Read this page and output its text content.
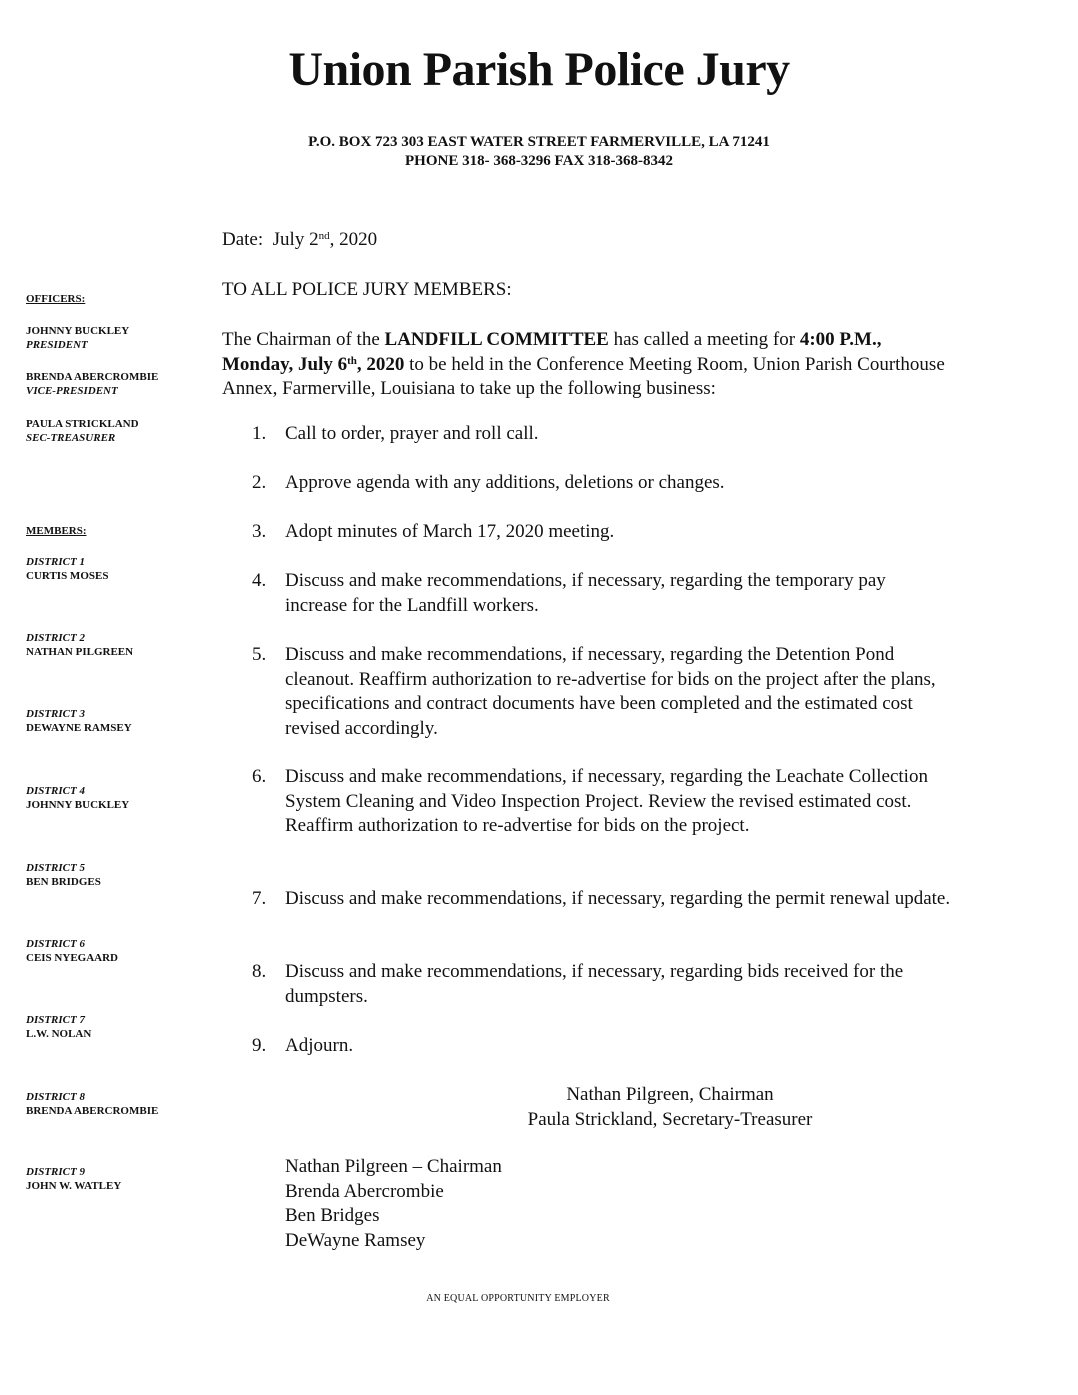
Union Parish Police Jury
P.O. BOX 723 303 EAST WATER STREET FARMERVILLE, LA 71241
PHONE 318- 368-3296 FAX 318-368-8342
OFFICERS:
JOHNNY BUCKLEY
PRESIDENT
BRENDA ABERCROMBIE
VICE-PRESIDENT
PAULA STRICKLAND
SEC-TREASURER
MEMBERS:
DISTRICT 1
CURTIS MOSES
DISTRICT 2
NATHAN PILGREEN
DISTRICT 3
DEWAYNE RAMSEY
DISTRICT 4
JOHNNY BUCKLEY
DISTRICT 5
BEN BRIDGES
DISTRICT 6
CEIS NYEGAARD
DISTRICT 7
L.W. NOLAN
DISTRICT 8
BRENDA ABERCROMBIE
DISTRICT 9
JOHN W. WATLEY
Date: July 2nd, 2020
TO ALL POLICE JURY MEMBERS:
The Chairman of the LANDFILL COMMITTEE has called a meeting for 4:00 P.M., Monday, July 6th, 2020 to be held in the Conference Meeting Room, Union Parish Courthouse Annex, Farmerville, Louisiana to take up the following business:
1. Call to order, prayer and roll call.
2. Approve agenda with any additions, deletions or changes.
3. Adopt minutes of March 17, 2020 meeting.
4. Discuss and make recommendations, if necessary, regarding the temporary pay increase for the Landfill workers.
5. Discuss and make recommendations, if necessary, regarding the Detention Pond cleanout. Reaffirm authorization to re-advertise for bids on the project after the plans, specifications and contract documents have been completed and the estimated cost revised accordingly.
6. Discuss and make recommendations, if necessary, regarding the Leachate Collection System Cleaning and Video Inspection Project. Review the revised estimated cost. Reaffirm authorization to re-advertise for bids on the project.
7. Discuss and make recommendations, if necessary, regarding the permit renewal update.
8. Discuss and make recommendations, if necessary, regarding bids received for the dumpsters.
9. Adjourn.
Nathan Pilgreen, Chairman
Paula Strickland, Secretary-Treasurer
Nathan Pilgreen – Chairman
Brenda Abercrombie
Ben Bridges
DeWayne Ramsey
AN EQUAL OPPORTUNITY EMPLOYER
